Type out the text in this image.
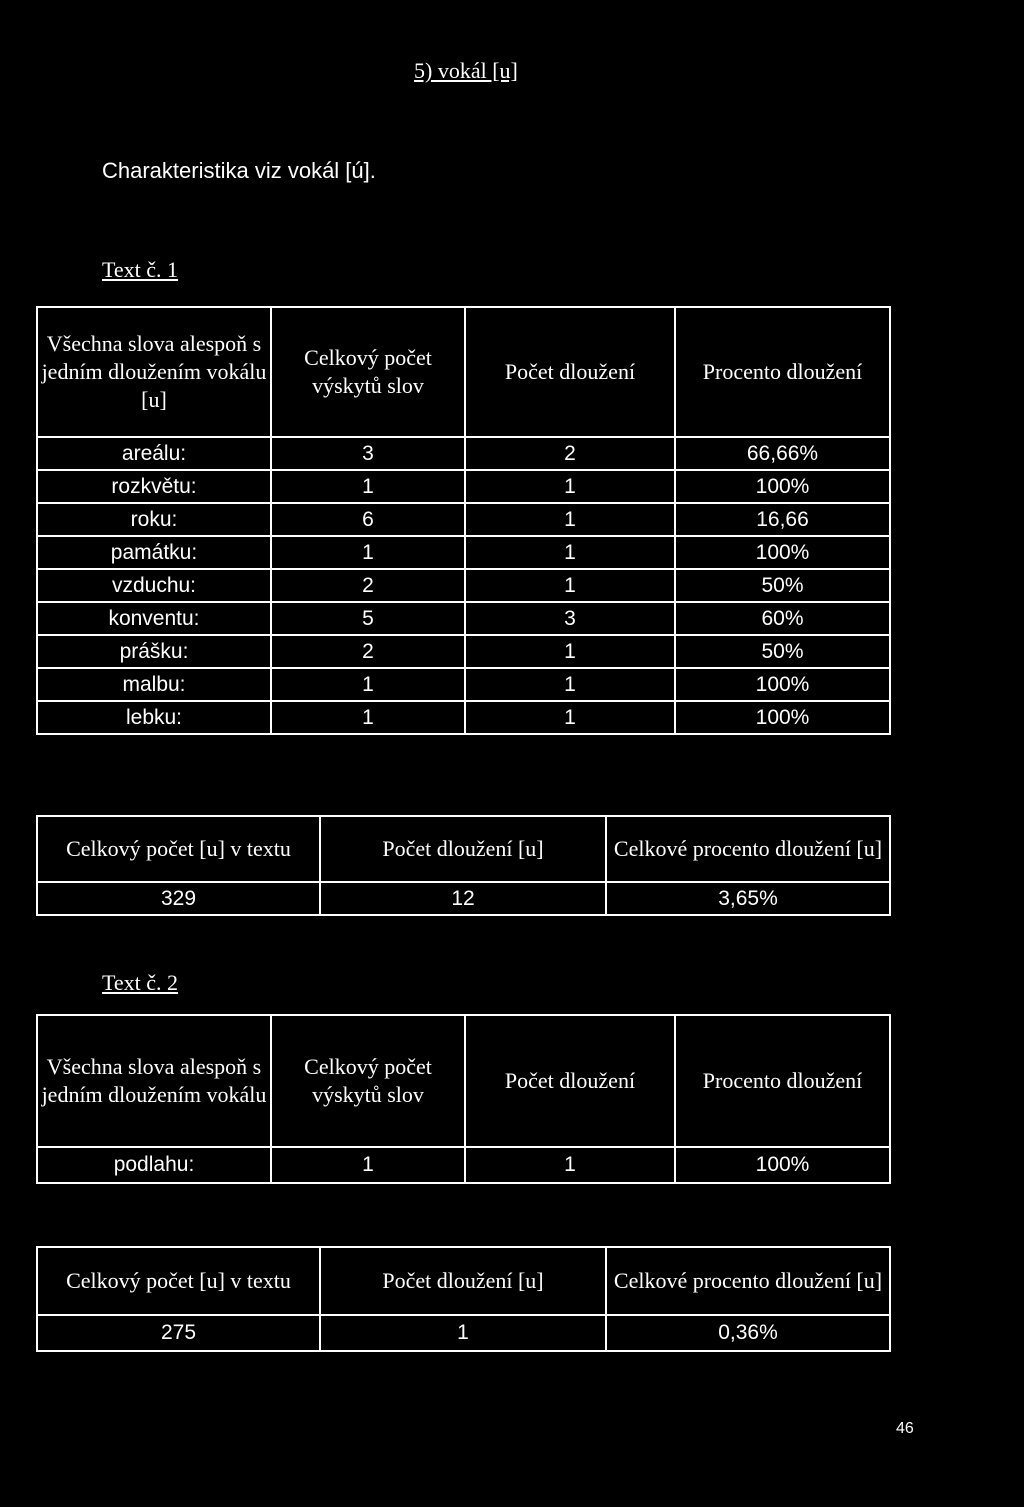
5) vokál [u]
Charakteristika viz vokál [ú].
Text č. 1
Všechna slova alespoň s jedním dloužením vokálu [u]	Celkový počet výskytů slov	Počet dloužení	Procento dloužení
areálu:	3	2	66,66%
rozkvětu:	1	1	100%
roku:	6	1	16,66
památku:	1	1	100%
vzduchu:	2	1	50%
konventu:	5	3	60%
prášku:	2	1	50%
malbu:	1	1	100%
lebku:	1	1	100%
Celkový počet [u] v textu	Počet dloužení [u]	Celkové procento dloužení [u]
329	12	3,65%
Text č. 2
Všechna slova alespoň s jedním dloužením vokálu	Celkový počet výskytů slov	Počet dloužení	Procento dloužení
podlahu:	1	1	100%
Celkový počet [u] v textu	Počet dloužení [u]	Celkové procento dloužení [u]
275	1	0,36%
46
